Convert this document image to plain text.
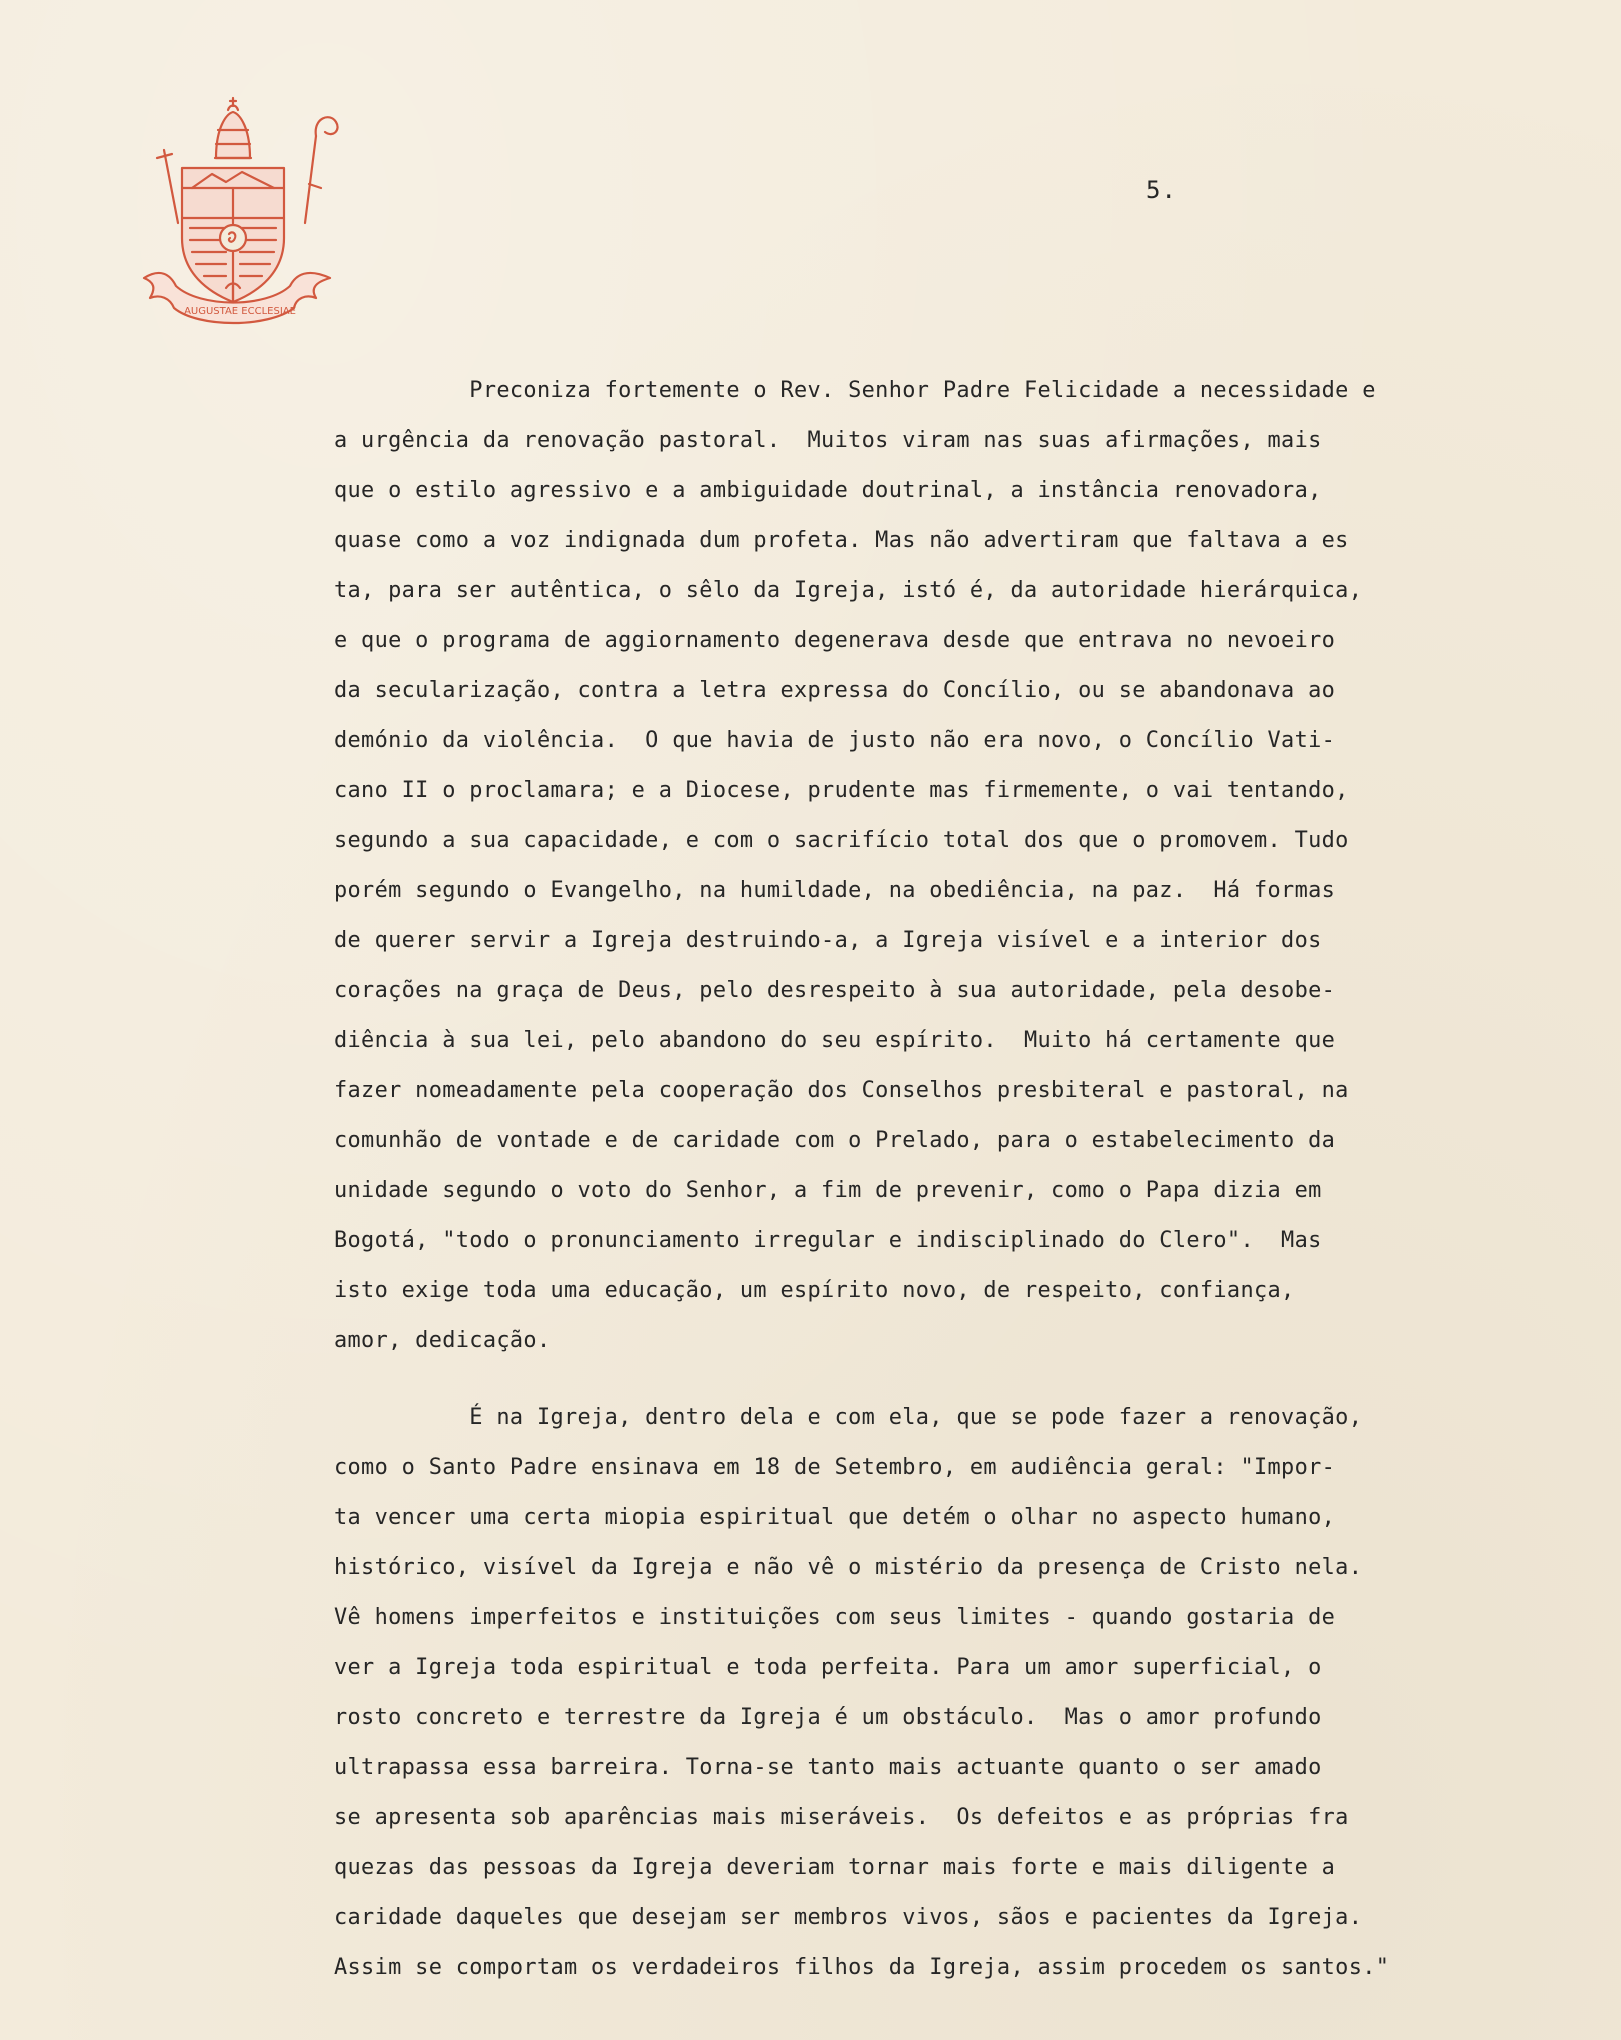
AUGUSTAE ECCLESIAE
5.
Preconiza fortemente o Rev. Senhor Padre Felicidade a necessidade e
a urgência da renovação pastoral.  Muitos viram nas suas afirmações, mais
que o estilo agressivo e a ambiguidade doutrinal, a instância renovadora,
quase como a voz indignada dum profeta. Mas não advertiram que faltava a es
ta, para ser autêntica, o sêlo da Igreja, istó é, da autoridade hierárquica,
e que o programa de aggiornamento degenerava desde que entrava no nevoeiro
da secularização, contra a letra expressa do Concílio, ou se abandonava ao
demónio da violência.  O que havia de justo não era novo, o Concílio Vati-
cano II o proclamara; e a Diocese, prudente mas firmemente, o vai tentando,
segundo a sua capacidade, e com o sacrifício total dos que o promovem. Tudo
porém segundo o Evangelho, na humildade, na obediência, na paz.  Há formas
de querer servir a Igreja destruindo-a, a Igreja visível e a interior dos
corações na graça de Deus, pelo desrespeito à sua autoridade, pela desobe-
diência à sua lei, pelo abandono do seu espírito.  Muito há certamente que
fazer nomeadamente pela cooperação dos Conselhos presbiteral e pastoral, na
comunhão de vontade e de caridade com o Prelado, para o estabelecimento da
unidade segundo o voto do Senhor, a fim de prevenir, como o Papa dizia em
Bogotá, "todo o pronunciamento irregular e indisciplinado do Clero".  Mas
isto exige toda uma educação, um espírito novo, de respeito, confiança,
amor, dedicação.
É na Igreja, dentro dela e com ela, que se pode fazer a renovação,
como o Santo Padre ensinava em 18 de Setembro, em audiência geral: "Impor-
ta vencer uma certa miopia espiritual que detém o olhar no aspecto humano,
histórico, visível da Igreja e não vê o mistério da presença de Cristo nela.
Vê homens imperfeitos e instituições com seus limites - quando gostaria de
ver a Igreja toda espiritual e toda perfeita. Para um amor superficial, o
rosto concreto e terrestre da Igreja é um obstáculo.  Mas o amor profundo
ultrapassa essa barreira. Torna-se tanto mais actuante quanto o ser amado
se apresenta sob aparências mais miseráveis.  Os defeitos e as próprias fra
quezas das pessoas da Igreja deveriam tornar mais forte e mais diligente a
caridade daqueles que desejam ser membros vivos, sãos e pacientes da Igreja.
Assim se comportam os verdadeiros filhos da Igreja, assim procedem os santos."
